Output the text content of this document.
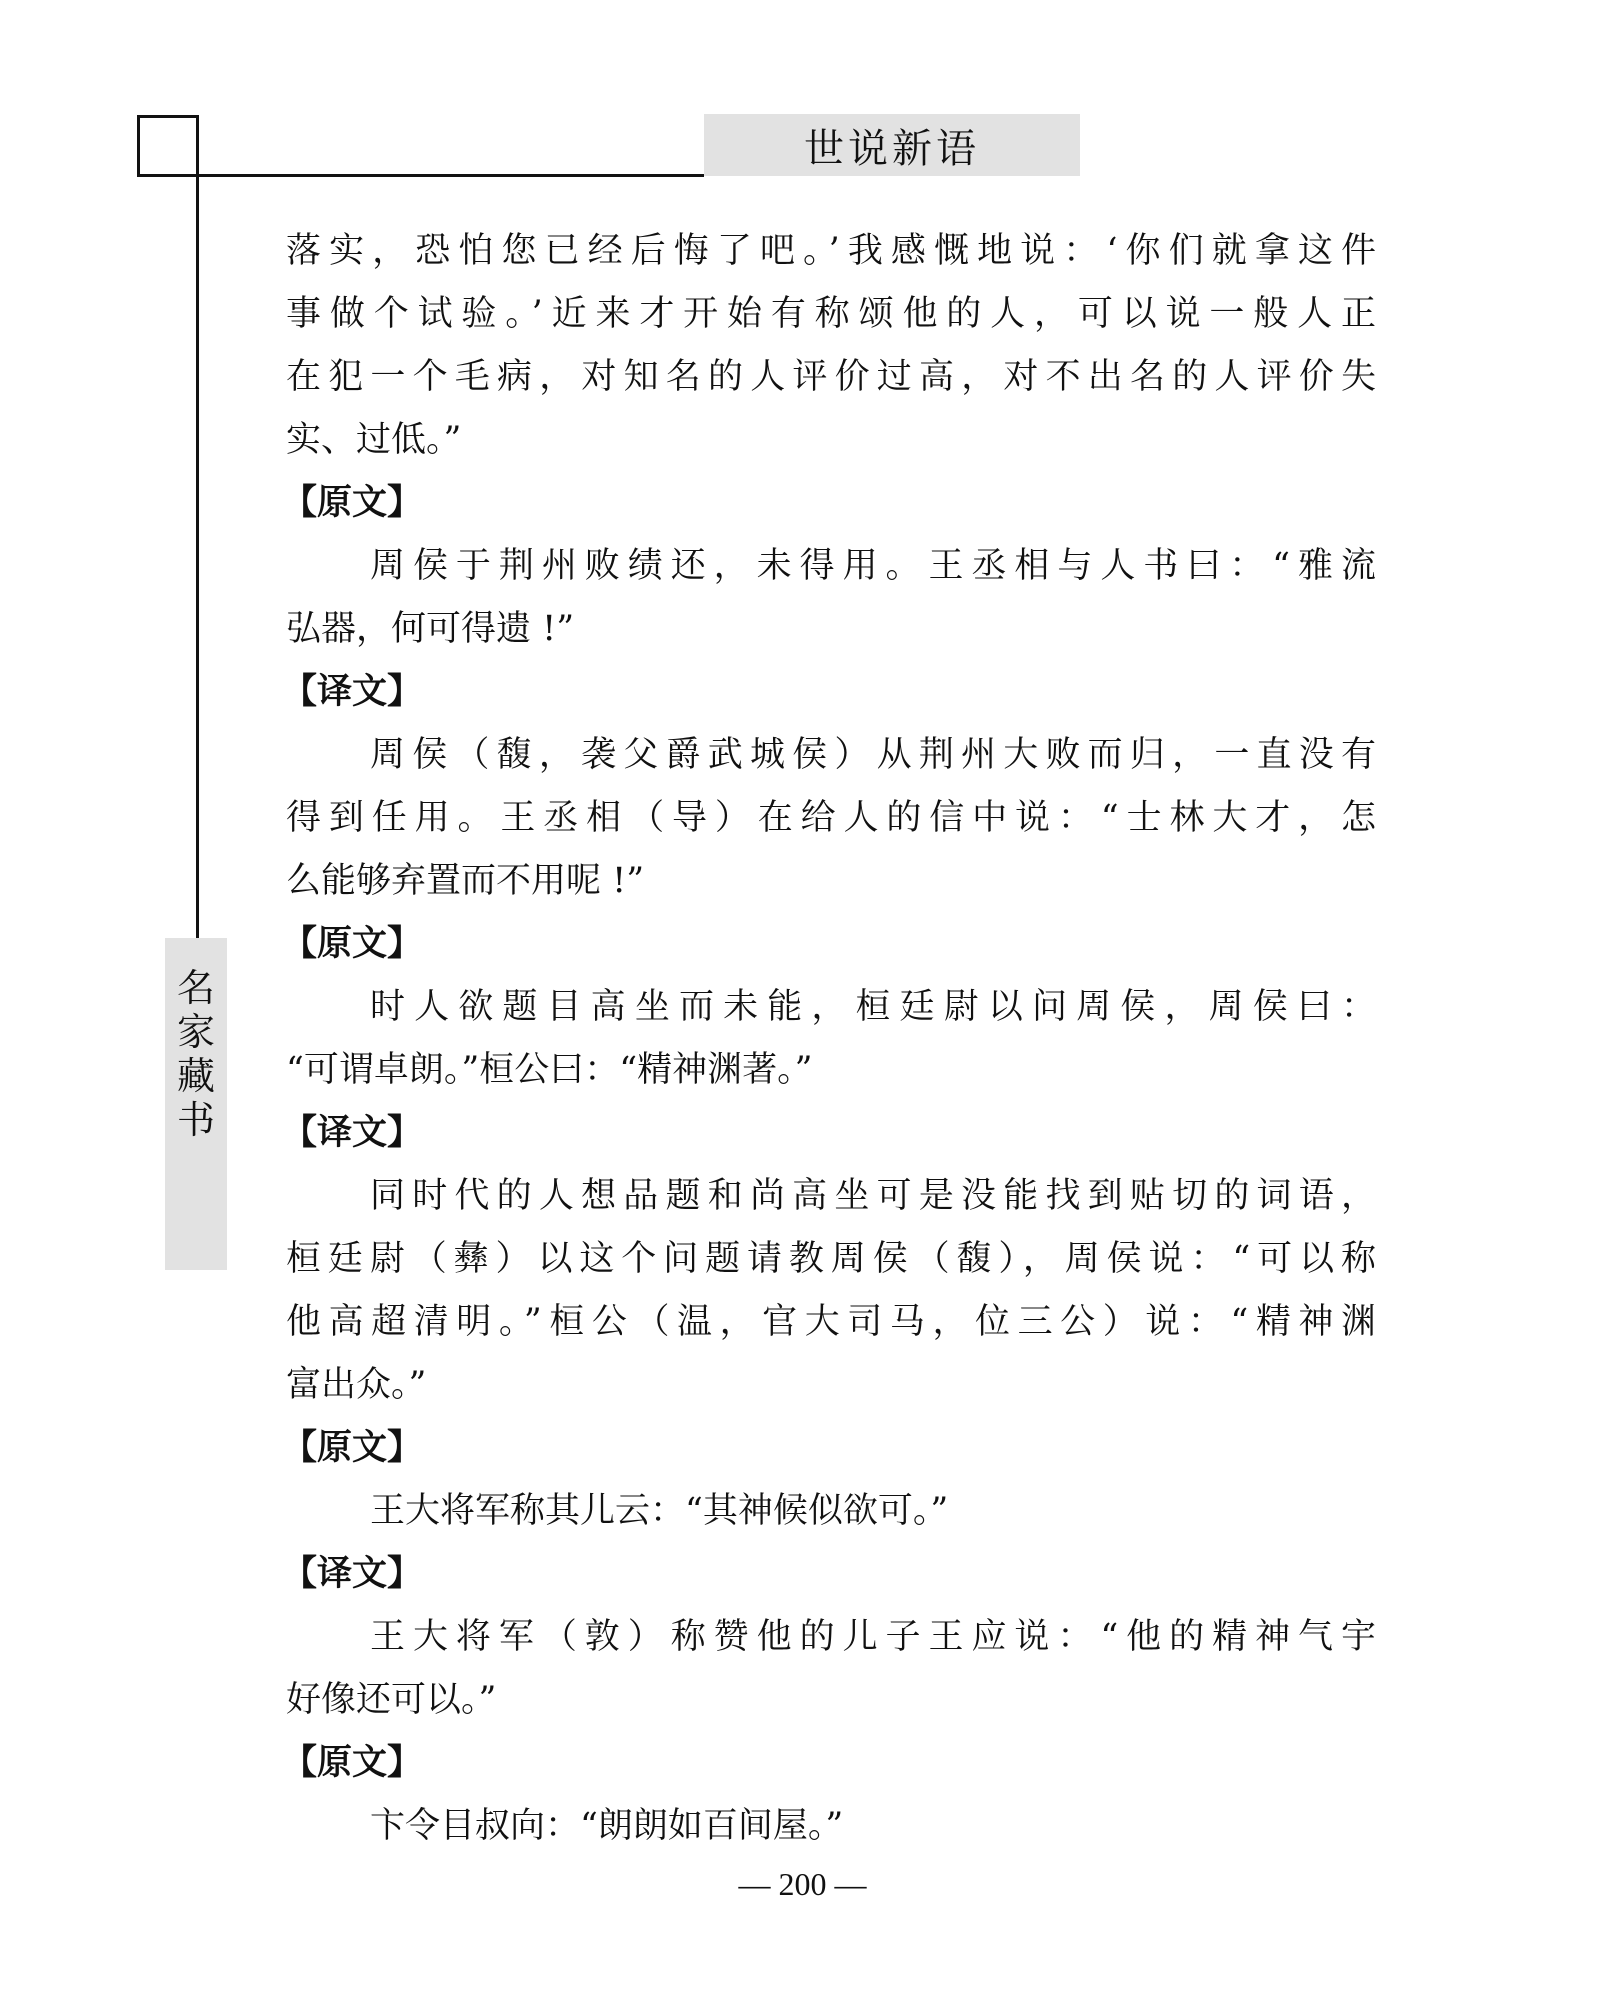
世说新语
名
家
藏
书
落实，恐怕您已经后悔了吧。’我感慨地说：‘你们就拿这件
事做个试验。’近来才开始有称颂他的人，可以说一般人正
在犯一个毛病，对知名的人评价过高，对不出名的人评价失
实、过低。”
【原文】
周侯于荆州败绩还，未得用。王丞相与人书曰：“雅流
弘器，何可得遗 !”
【译文】
周侯（馥，袭父爵武城侯）从荆州大败而归，一直没有
得到任用。王丞相（导）在给人的信中说：“士林大才，怎
么能够弃置而不用呢 !”
【原文】
时人欲题目高坐而未能，桓廷尉以问周侯，周侯曰：
“可谓卓朗。”桓公曰：“精神渊著。”
【译文】
同时代的人想品题和尚高坐可是没能找到贴切的词语，
桓廷尉（彝）以这个问题请教周侯（馥），周侯说：“可以称
他高超清明。”桓公（温，官大司马，位三公）说：“精神渊
富出众。”
【原文】
王大将军称其儿云：“其神候似欲可。”
【译文】
王大将军（敦）称赞他的儿子王应说：“他的精神气宇
好像还可以。”
【原文】
卞令目叔向：“朗朗如百间屋。”
— 200 —
